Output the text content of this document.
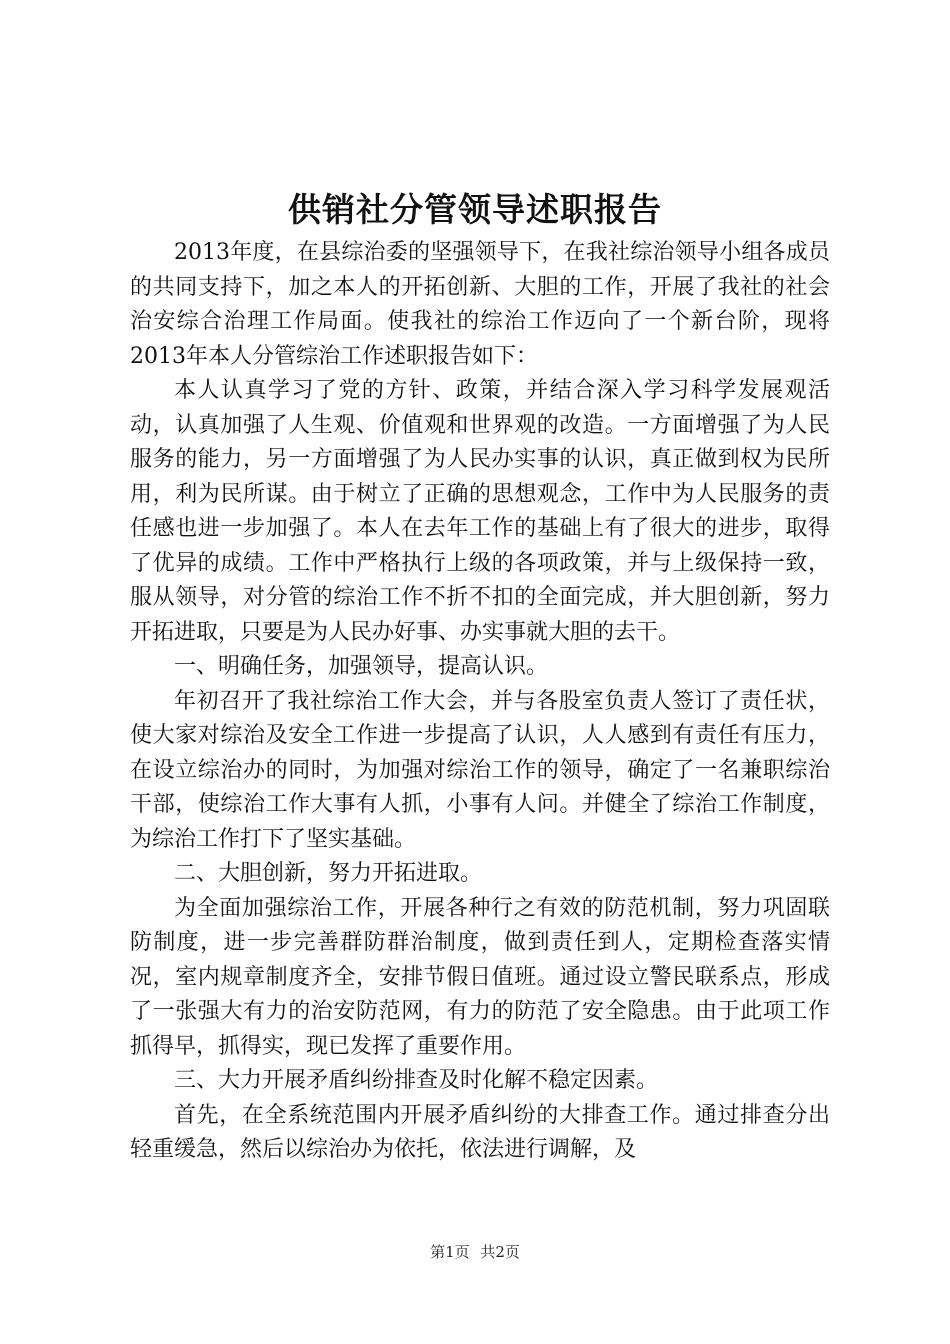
供销社分管领导述职报告

2013年度，在县综治委的坚强领导下，在我社综治领导小组各成员的共同支持下，加之本人的开拓创新、大胆的工作，开展了我社的社会治安综合治理工作局面。使我社的综治工作迈向了一个新台阶，现将2013年本人分管综治工作述职报告如下：

本人认真学习了党的方针、政策，并结合深入学习科学发展观活动，认真加强了人生观、价值观和世界观的改造。一方面增强了为人民服务的能力，另一方面增强了为人民办实事的认识，真正做到权为民所用，利为民所谋。由于树立了正确的思想观念，工作中为人民服务的责任感也进一步加强了。本人在去年工作的基础上有了很大的进步，取得了优异的成绩。工作中严格执行上级的各项政策，并与上级保持一致，服从领导，对分管的综治工作不折不扣的全面完成，并大胆创新，努力开拓进取，只要是为人民办好事、办实事就大胆的去干。

一、明确任务，加强领导，提高认识。

年初召开了我社综治工作大会，并与各股室负责人签订了责任状，使大家对综治及安全工作进一步提高了认识，人人感到有责任有压力，在设立综治办的同时，为加强对综治工作的领导，确定了一名兼职综治干部，使综治工作大事有人抓，小事有人问。并健全了综治工作制度，为综治工作打下了坚实基础。

二、大胆创新，努力开拓进取。

为全面加强综治工作，开展各种行之有效的防范机制，努力巩固联防制度，进一步完善群防群治制度，做到责任到人，定期检查落实情况，室内规章制度齐全，安排节假日值班。通过设立警民联系点，形成了一张强大有力的治安防范网，有力的防范了安全隐患。由于此项工作抓得早，抓得实，现已发挥了重要作用。

三、大力开展矛盾纠纷排查及时化解不稳定因素。

首先，在全系统范围内开展矛盾纠纷的大排查工作。通过排查分出轻重缓急，然后以综治办为依托，依法进行调解，及

第1页 共2页
